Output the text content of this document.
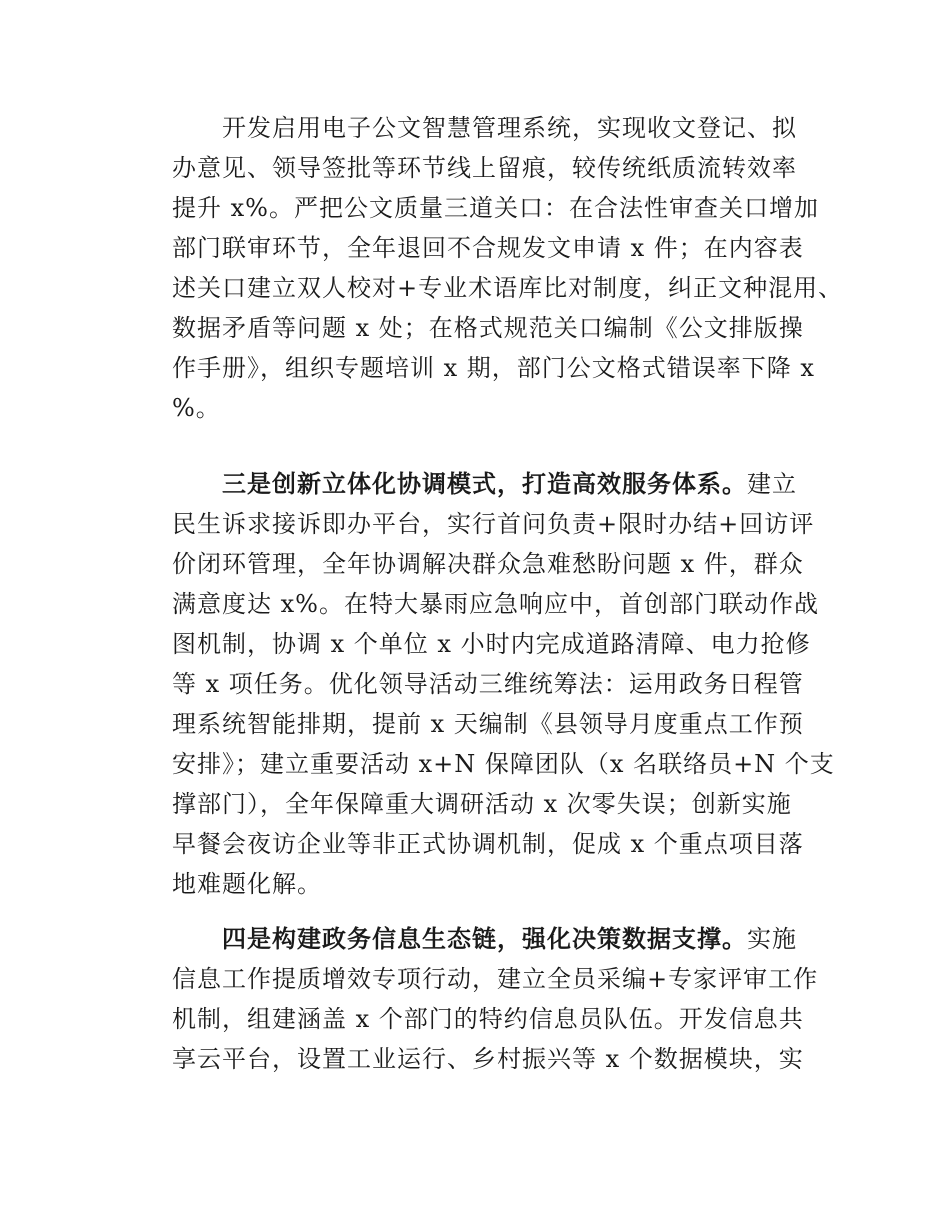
开发启用电子公文智慧管理系统，实现收文登记、拟
办意见、领导签批等环节线上留痕，较传统纸质流转效率
提升 x%。严把公文质量三道关口：在合法性审查关口增加
部门联审环节，全年退回不合规发文申请 x 件；在内容表
述关口建立双人校对+专业术语库比对制度，纠正文种混用、
数据矛盾等问题 x 处；在格式规范关口编制《公文排版操
作手册》，组织专题培训 x 期，部门公文格式错误率下降 x
%。
三是创新立体化协调模式，打造高效服务体系。建立
民生诉求接诉即办平台，实行首问负责+限时办结+回访评
价闭环管理，全年协调解决群众急难愁盼问题 x 件，群众
满意度达 x%。在特大暴雨应急响应中，首创部门联动作战
图机制，协调 x 个单位 x 小时内完成道路清障、电力抢修
等 x 项任务。优化领导活动三维统筹法：运用政务日程管
理系统智能排期，提前 x 天编制《县领导月度重点工作预
安排》；建立重要活动 x+N 保障团队（x 名联络员+N 个支
撑部门），全年保障重大调研活动 x 次零失误；创新实施
早餐会夜访企业等非正式协调机制，促成 x 个重点项目落
地难题化解。
四是构建政务信息生态链，强化决策数据支撑。实施
信息工作提质增效专项行动，建立全员采编+专家评审工作
机制，组建涵盖 x 个部门的特约信息员队伍。开发信息共
享云平台，设置工业运行、乡村振兴等 x 个数据模块，实
